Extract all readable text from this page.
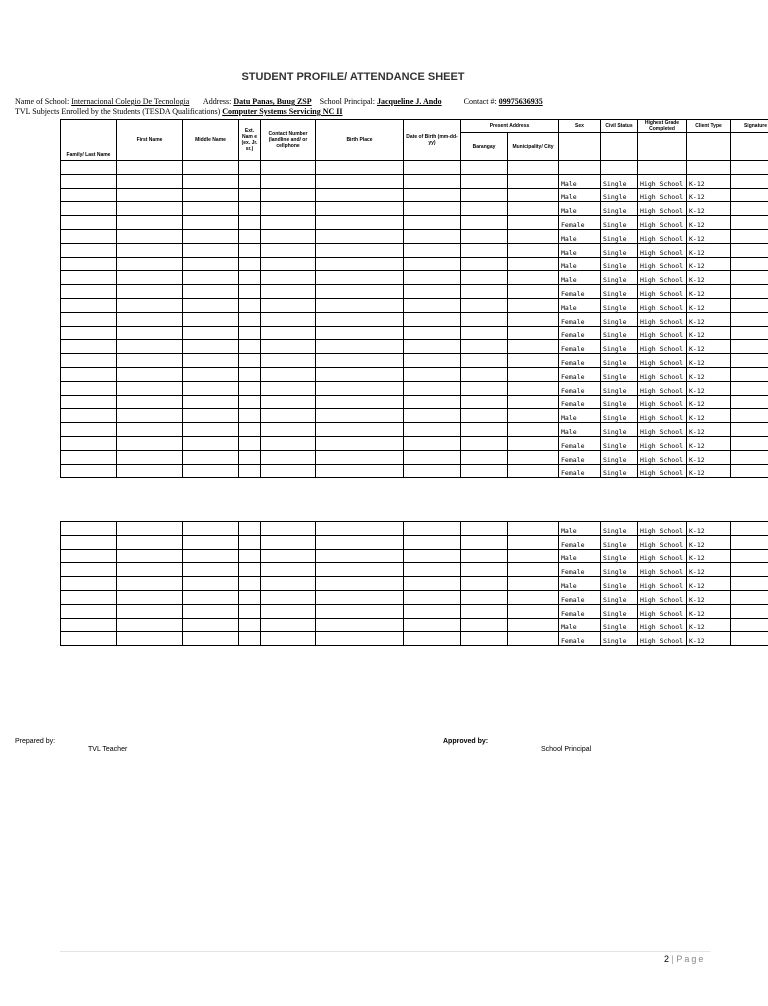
STUDENT PROFILE/ ATTENDANCE SHEET
Name of School: Internacional Colegio De Tecnologia Address: Datu Panas, Buug ZSP School Principal: Jacqueline J. Ando	Contact #: 09975636935
TVL Subjects Enrolled by the Students (TESDA Qualifications) Computer Systems Servicing NC II
Family/ Last Name	First Name	Middle Name	Ext. Nam e (ex. Jr. sr.)	Contact Number (landline and/ or cellphone	Birth Place	Date of Birth (mm-dd-yy)	Present Address		Sex	Civil Status	Highest Grade Completed	Client Type	Signature
							Barangay	Municipality/ City					

									Male	Single	High School	K-12	
									Male	Single	High School	K-12	
									Male	Single	High School	K-12	
									Female	Single	High School	K-12	
									Male	Single	High School	K-12	
									Male	Single	High School	K-12	
									Male	Single	High School	K-12	
									Male	Single	High School	K-12	
									Female	Single	High School	K-12	
									Male	Single	High School	K-12	
									Female	Single	High School	K-12	
									Female	Single	High School	K-12	
									Female	Single	High School	K-12	
									Female	Single	High School	K-12	
									Female	Single	High School	K-12	
									Female	Single	High School	K-12	
									Female	Single	High School	K-12	
									Male	Single	High School	K-12	
									Male	Single	High School	K-12	
									Female	Single	High School	K-12	
									Female	Single	High School	K-12	
									Female	Single	High School	K-12	
									Male	Single	High School	K-12	
									Female	Single	High School	K-12	
									Male	Single	High School	K-12	
									Female	Single	High School	K-12	
									Male	Single	High School	K-12	
									Female	Single	High School	K-12	
									Female	Single	High School	K-12	
									Male	Single	High School	K-12	
									Female	Single	High School	K-12	
Prepared by:
TVL Teacher
Approved by:
School Principal
2 | Page
